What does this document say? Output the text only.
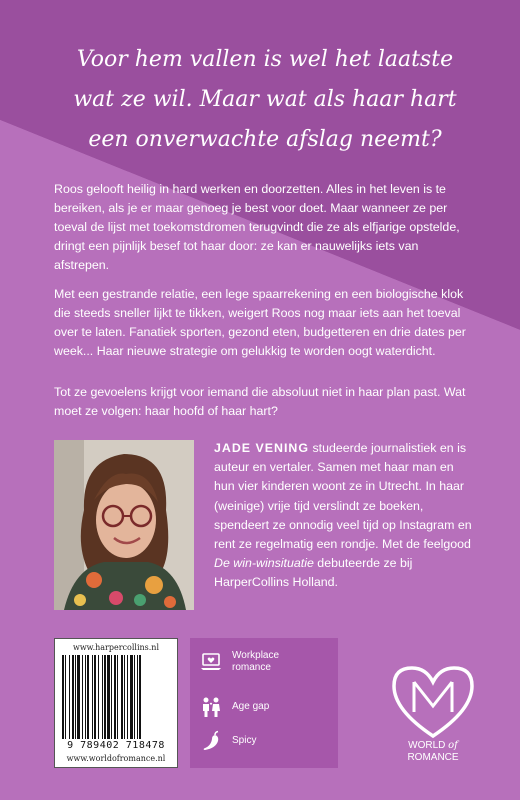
Voor hem vallen is wel het laatste
wat ze wil. Maar wat als haar hart
een onverwachte afslag neemt?

Roos gelooft heilig in hard werken en doorzetten. Alles in het leven is te bereiken, als je er maar genoeg je best voor doet. Maar wanneer ze per toeval de lijst met toekomstdromen terugvindt die ze als elfjarige opstelde, dringt een pijnlijk besef tot haar door: ze kan er nauwelijks iets van afstrepen.

Met een gestrande relatie, een lege spaarrekening en een biologische klok die steeds sneller lijkt te tikken, weigert Roos nog maar iets aan het toeval over te laten. Fanatiek sporten, gezond eten, budgetteren en drie dates per week... Haar nieuwe strategie om gelukkig te worden oogt waterdicht.

Tot ze gevoelens krijgt voor iemand die absoluut niet in haar plan past. Wat moet ze volgen: haar hoofd of haar hart?

JADE VENING studeerde journalistiek en is auteur en vertaler. Samen met haar man en hun vier kinderen woont ze in Utrecht. In haar (weinige) vrije tijd verslindt ze boeken, spendeert ze onnodig veel tijd op Instagram en rent ze regelmatig een rondje. Met de feelgood De win-winsituatie debuteerde ze bij HarperCollins Holland.

www.harpercollins.nl
9 789402 718478
www.worldofromance.nl
Workplace romance
Age gap
Spicy	WORLD of
ROMANCE
